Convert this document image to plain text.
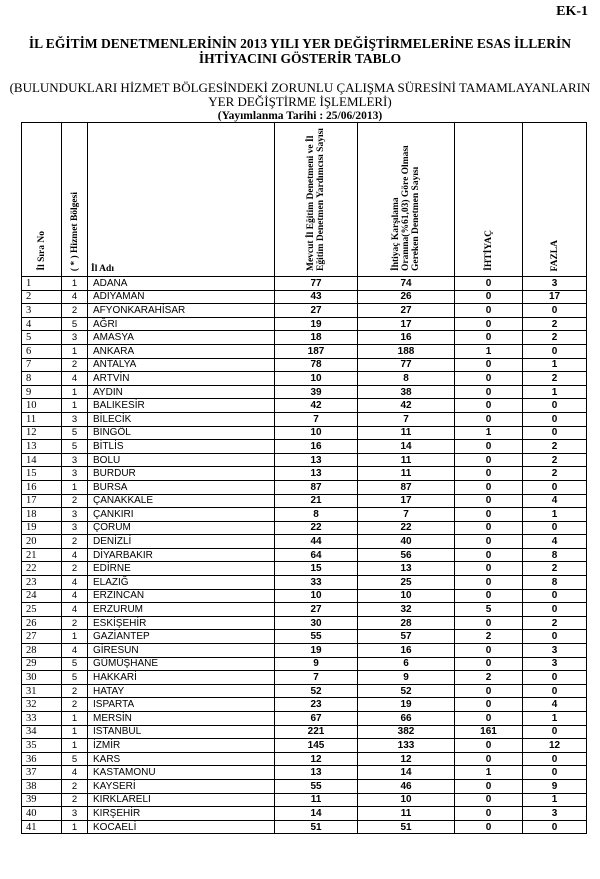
EK-1
İL EĞİTİM DENETMENLERİNİN 2013 YILI YER DEĞİŞTİRMELERİNE ESAS İLLERİN
İHTİYACINI GÖSTERİR TABLO
(BULUNDUKLARI HİZMET BÖLGESİNDEKİ ZORUNLU ÇALIŞMA SÜRESİNİ TAMAMLAYANLARIN
YER DEĞİŞTİRME İŞLEMLERİ)
(Yayımlanma Tarihi : 25/06/2013)
İl Sıra No	( * ) Hizmet Bölgesi	İl Adı	Mevcut İl Eğitim Denetmeni ve İl Eğitim Denetmen Yardımcısı Sayısı	İhtiyaç Karşılama Oranına(%61,03) Göre Olması Gereken Denetmen Sayısı	İHTİYAÇ	FAZLA
1	1	ADANA	77	74	0	3
2	4	ADIYAMAN	43	26	0	17
3	2	AFYONKARAHİSAR	27	27	0	0
4	5	AĞRI	19	17	0	2
5	3	AMASYA	18	16	0	2
6	1	ANKARA	187	188	1	0
7	2	ANTALYA	78	77	0	1
8	4	ARTVİN	10	8	0	2
9	1	AYDIN	39	38	0	1
10	1	BALIKESİR	42	42	0	0
11	3	BİLECİK	7	7	0	0
12	5	BİNGÖL	10	11	1	0
13	5	BİTLİS	16	14	0	2
14	3	BOLU	13	11	0	2
15	3	BURDUR	13	11	0	2
16	1	BURSA	87	87	0	0
17	2	ÇANAKKALE	21	17	0	4
18	3	ÇANKIRI	8	7	0	1
19	3	ÇORUM	22	22	0	0
20	2	DENİZLİ	44	40	0	4
21	4	DİYARBAKIR	64	56	0	8
22	2	EDİRNE	15	13	0	2
23	4	ELAZIĞ	33	25	0	8
24	4	ERZİNCAN	10	10	0	0
25	4	ERZURUM	27	32	5	0
26	2	ESKİŞEHİR	30	28	0	2
27	1	GAZİANTEP	55	57	2	0
28	4	GİRESUN	19	16	0	3
29	5	GÜMÜŞHANE	9	6	0	3
30	5	HAKKARİ	7	9	2	0
31	2	HATAY	52	52	0	0
32	2	ISPARTA	23	19	0	4
33	1	MERSİN	67	66	0	1
34	1	İSTANBUL	221	382	161	0
35	1	İZMİR	145	133	0	12
36	5	KARS	12	12	0	0
37	4	KASTAMONU	13	14	1	0
38	2	KAYSERİ	55	46	0	9
39	2	KIRKLARELİ	11	10	0	1
40	3	KIRŞEHİR	14	11	0	3
41	1	KOCAELİ	51	51	0	0
